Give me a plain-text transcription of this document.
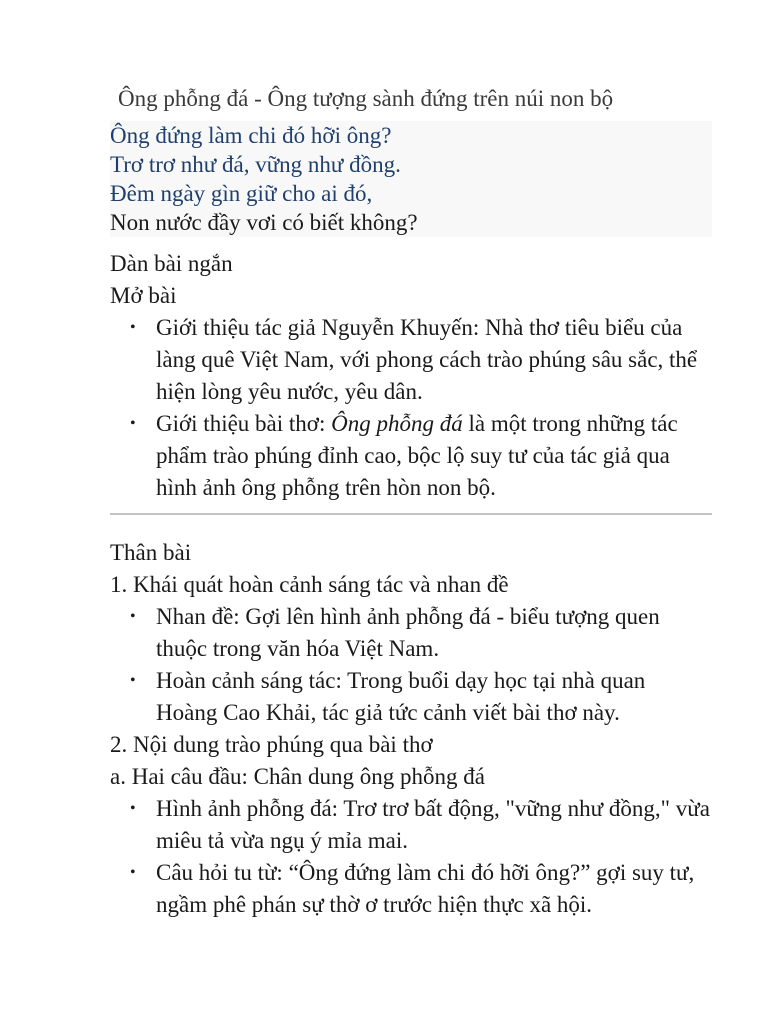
Ông phỗng đá - Ông tượng sành đứng trên núi non bộ
Ông đứng làm chi đó hỡi ông?
Trơ trơ như đá, vững như đồng.
Đêm ngày gìn giữ cho ai đó,
Non nước đầy vơi có biết không?
Dàn bài ngắn
Mở bài
• Giới thiệu tác giả Nguyễn Khuyến: Nhà thơ tiêu biểu của làng quê Việt Nam, với phong cách trào phúng sâu sắc, thể hiện lòng yêu nước, yêu dân.
• Giới thiệu bài thơ: Ông phỗng đá là một trong những tác phẩm trào phúng đỉnh cao, bộc lộ suy tư của tác giả qua hình ảnh ông phỗng trên hòn non bộ.
Thân bài
1. Khái quát hoàn cảnh sáng tác và nhan đề
• Nhan đề: Gợi lên hình ảnh phỗng đá - biểu tượng quen thuộc trong văn hóa Việt Nam.
• Hoàn cảnh sáng tác: Trong buổi dạy học tại nhà quan Hoàng Cao Khải, tác giả tức cảnh viết bài thơ này.
2. Nội dung trào phúng qua bài thơ
a. Hai câu đầu: Chân dung ông phỗng đá
• Hình ảnh phỗng đá: Trơ trơ bất động, "vững như đồng," vừa miêu tả vừa ngụ ý mỉa mai.
• Câu hỏi tu từ: “Ông đứng làm chi đó hỡi ông?” gợi suy tư, ngầm phê phán sự thờ ơ trước hiện thực xã hội.
